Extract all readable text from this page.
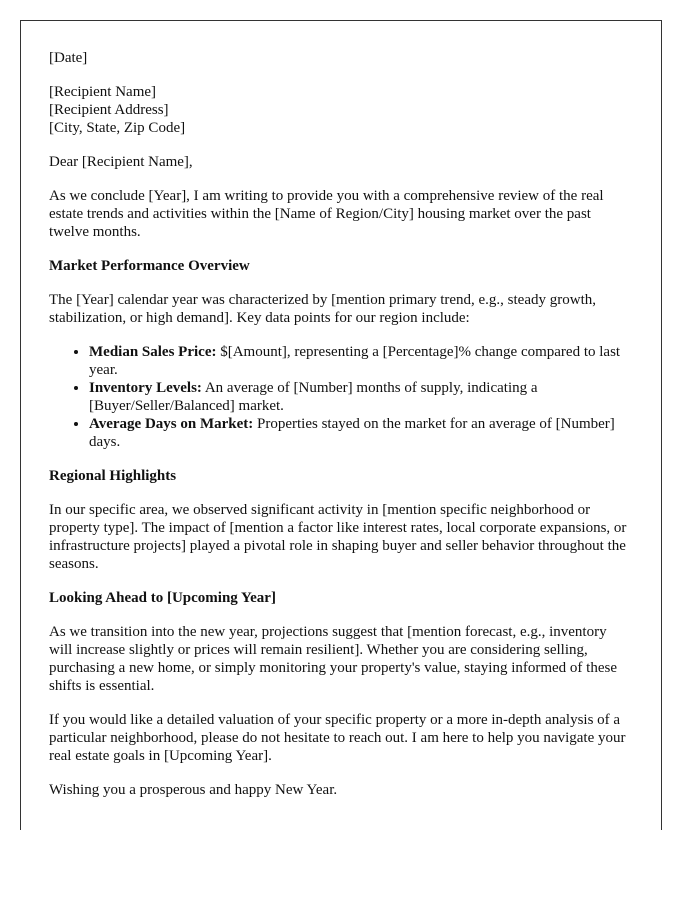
[Date]

[Recipient Name]
[Recipient Address]
[City, State, Zip Code]

Dear [Recipient Name],

As we conclude [Year], I am writing to provide you with a comprehensive review of the real estate trends and activities within the [Name of Region/City] housing market over the past twelve months.

Market Performance Overview

The [Year] calendar year was characterized by [mention primary trend, e.g., steady growth, stabilization, or high demand]. Key data points for our region include:

• Median Sales Price: $[Amount], representing a [Percentage]% change compared to last year.
• Inventory Levels: An average of [Number] months of supply, indicating a [Buyer/Seller/Balanced] market.
• Average Days on Market: Properties stayed on the market for an average of [Number] days.
Regional Highlights

In our specific area, we observed significant activity in [mention specific neighborhood or property type]. The impact of [mention a factor like interest rates, local corporate expansions, or infrastructure projects] played a pivotal role in shaping buyer and seller behavior throughout the seasons.

Looking Ahead to [Upcoming Year]

As we transition into the new year, projections suggest that [mention forecast, e.g., inventory will increase slightly or prices will remain resilient]. Whether you are considering selling, purchasing a new home, or simply monitoring your property's value, staying informed of these shifts is essential.

If you would like a detailed valuation of your specific property or a more in-depth analysis of a particular neighborhood, please do not hesitate to reach out. I am here to help you navigate your real estate goals in [Upcoming Year].

Wishing you a prosperous and happy New Year.
